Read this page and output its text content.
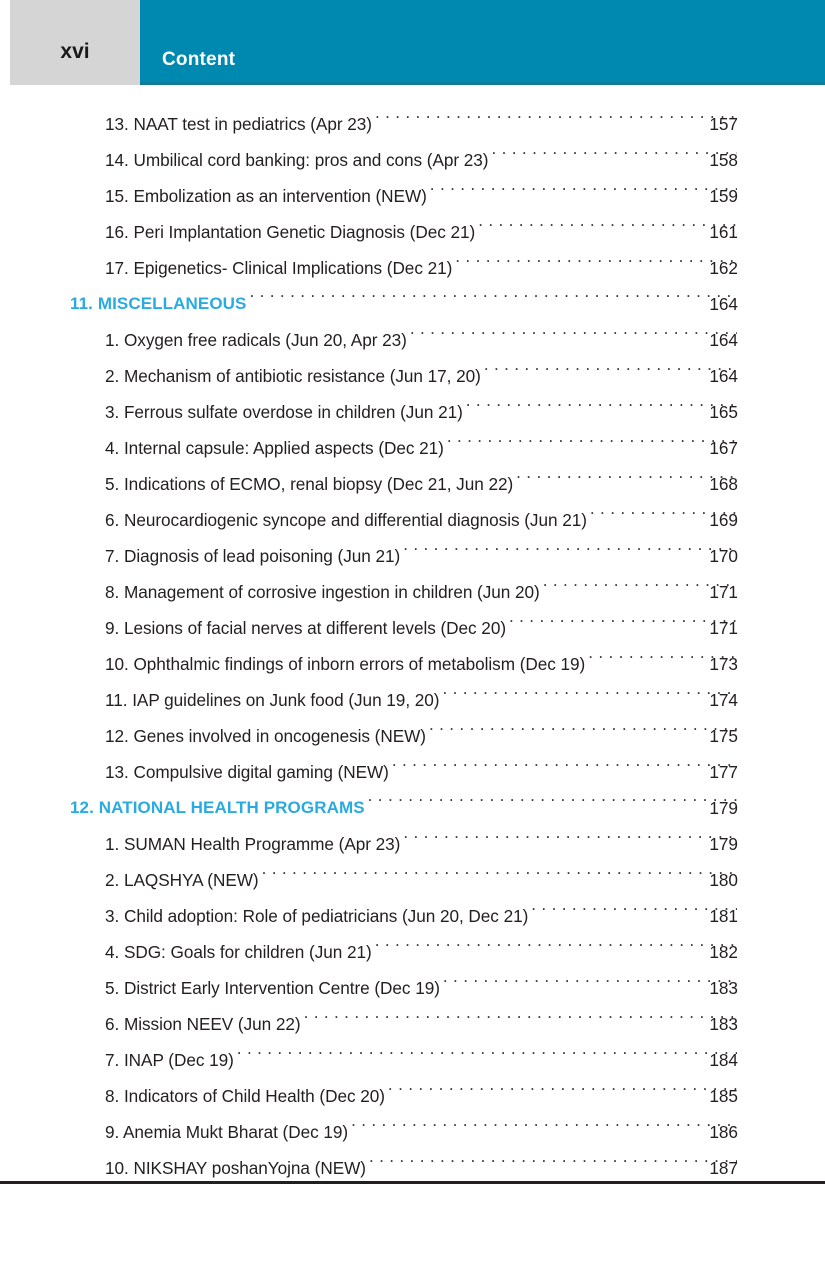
Content
xvi
13. NAAT test in pediatrics (Apr 23) . . .	157
14. Umbilical cord banking: pros and cons (Apr 23) . . .	158
15. Embolization as an intervention (NEW) . . .	159
16. Peri Implantation Genetic Diagnosis (Dec 21) . . .	161
17. Epigenetics- Clinical Implications (Dec 21) . . .	162
11. MISCELLANEOUS . . .	164
1. Oxygen free radicals (Jun 20, Apr 23) . . .	164
2. Mechanism of antibiotic resistance (Jun 17, 20) . . .	164
3. Ferrous sulfate overdose in children (Jun 21) . . .	165
4. Internal capsule: Applied aspects (Dec 21) . . .	167
5. Indications of ECMO, renal biopsy (Dec 21, Jun 22) . . .	168
6. Neurocardiogenic syncope and differential diagnosis (Jun 21) . . .	169
7. Diagnosis of lead poisoning (Jun 21) . . .	170
8. Management of corrosive ingestion in children (Jun 20) . . .	171
9. Lesions of facial nerves at different levels (Dec 20) . . .	171
10. Ophthalmic findings of inborn errors of metabolism (Dec 19) . . .	173
11. IAP guidelines on Junk food (Jun 19, 20) . . .	174
12. Genes involved in oncogenesis (NEW) . . .	175
13. Compulsive digital gaming (NEW) . . .	177
12. NATIONAL HEALTH PROGRAMS . . .	179
1. SUMAN Health Programme (Apr 23) . . .	179
2. LAQSHYA (NEW) . . .	180
3. Child adoption: Role of pediatricians (Jun 20, Dec 21) . . .	181
4. SDG: Goals for children (Jun 21) . . .	182
5. District Early Intervention Centre (Dec 19) . . .	183
6. Mission NEEV (Jun 22) . . .	183
7. INAP (Dec 19) . . .	184
8. Indicators of Child Health (Dec 20) . . .	185
9. Anemia Mukt Bharat (Dec 19) . . .	186
10. NIKSHAY poshanYojna (NEW) . . .	187
